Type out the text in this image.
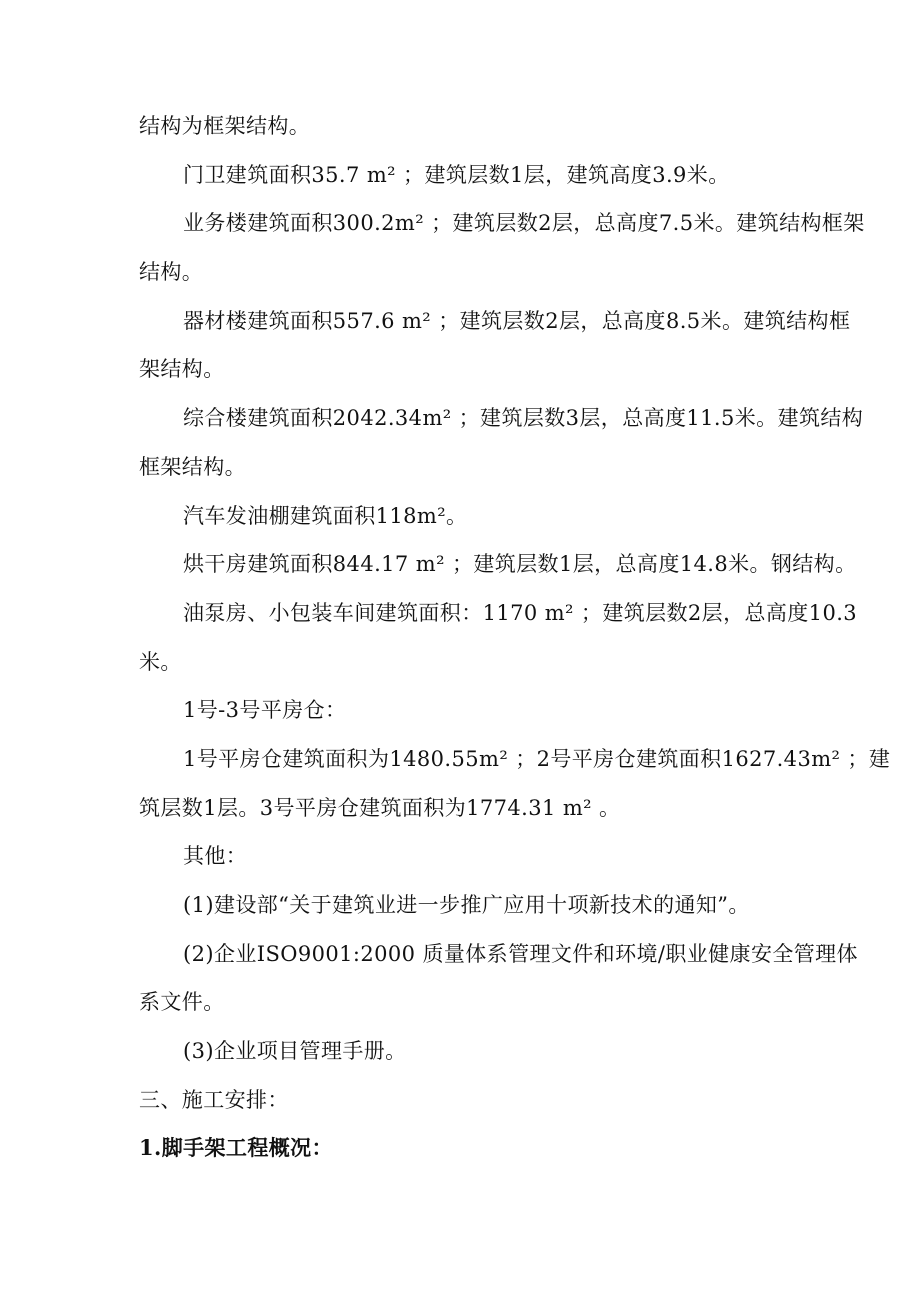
结构为框架结构。
门卫建筑面积35.7 m² ；建筑层数1层，建筑高度3.9米。
业务楼建筑面积300.2m² ；建筑层数2层，总高度7.5米。建筑结构框架
结构。
器材楼建筑面积557.6 m² ；建筑层数2层，总高度8.5米。建筑结构框
架结构。
综合楼建筑面积2042.34m² ；建筑层数3层，总高度11.5米。建筑结构
框架结构。
汽车发油棚建筑面积118m²。
烘干房建筑面积844.17 m² ；建筑层数1层，总高度14.8米。钢结构。
油泵房、小包装车间建筑面积：1170 m² ；建筑层数2层，总高度10.3
米。
1号-3号平房仓：
1号平房仓建筑面积为1480.55m² ；2号平房仓建筑面积1627.43m² ；建
筑层数1层。3号平房仓建筑面积为1774.31 m² 。
其他：
(1)建设部“关于建筑业进一步推广应用十项新技术的通知”。
(2)企业ISO9001:2000 质量体系管理文件和环境/职业健康安全管理体
系文件。
(3)企业项目管理手册。
三、施工安排：
1.脚手架工程概况：
